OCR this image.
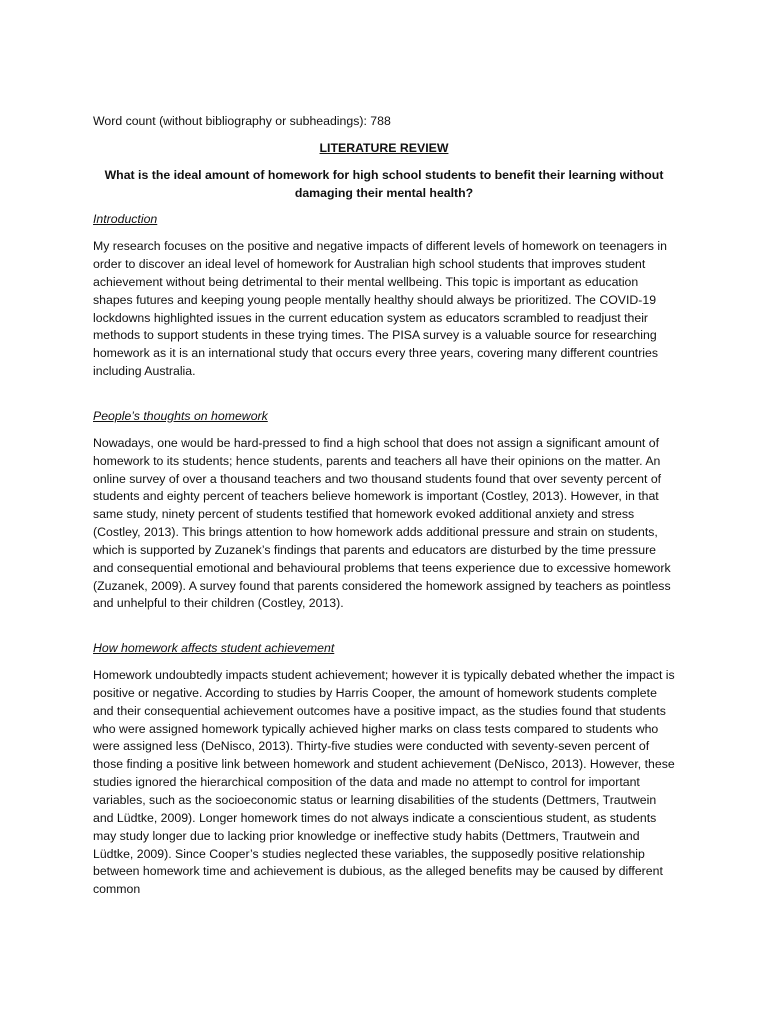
Word count (without bibliography or subheadings): 788

LITERATURE REVIEW

What is the ideal amount of homework for high school students to benefit their learning without damaging their mental health?

Introduction

My research focuses on the positive and negative impacts of different levels of homework on teenagers in order to discover an ideal level of homework for Australian high school students that improves student achievement without being detrimental to their mental wellbeing. This topic is important as education shapes futures and keeping young people mentally healthy should always be prioritized. The COVID-19 lockdowns highlighted issues in the current education system as educators scrambled to readjust their methods to support students in these trying times. The PISA survey is a valuable source for researching homework as it is an international study that occurs every three years, covering many different countries including Australia.

People’s thoughts on homework

Nowadays, one would be hard-pressed to find a high school that does not assign a significant amount of homework to its students; hence students, parents and teachers all have their opinions on the matter. An online survey of over a thousand teachers and two thousand students found that over seventy percent of students and eighty percent of teachers believe homework is important (Costley, 2013). However, in that same study, ninety percent of students testified that homework evoked additional anxiety and stress (Costley, 2013). This brings attention to how homework adds additional pressure and strain on students, which is supported by Zuzanek’s findings that parents and educators are disturbed by the time pressure and consequential emotional and behavioural problems that teens experience due to excessive homework (Zuzanek, 2009). A survey found that parents considered the homework assigned by teachers as pointless and unhelpful to their children (Costley, 2013).

How homework affects student achievement

Homework undoubtedly impacts student achievement; however it is typically debated whether the impact is positive or negative. According to studies by Harris Cooper, the amount of homework students complete and their consequential achievement outcomes have a positive impact, as the studies found that students who were assigned homework typically achieved higher marks on class tests compared to students who were assigned less (DeNisco, 2013). Thirty-five studies were conducted with seventy-seven percent of those finding a positive link between homework and student achievement (DeNisco, 2013). However, these studies ignored the hierarchical composition of the data and made no attempt to control for important variables, such as the socioeconomic status or learning disabilities of the students (Dettmers, Trautwein and Lüdtke, 2009). Longer homework times do not always indicate a conscientious student, as students may study longer due to lacking prior knowledge or ineffective study habits (Dettmers, Trautwein and Lüdtke, 2009). Since Cooper’s studies neglected these variables, the supposedly positive relationship between homework time and achievement is dubious, as the alleged benefits may be caused by different common
